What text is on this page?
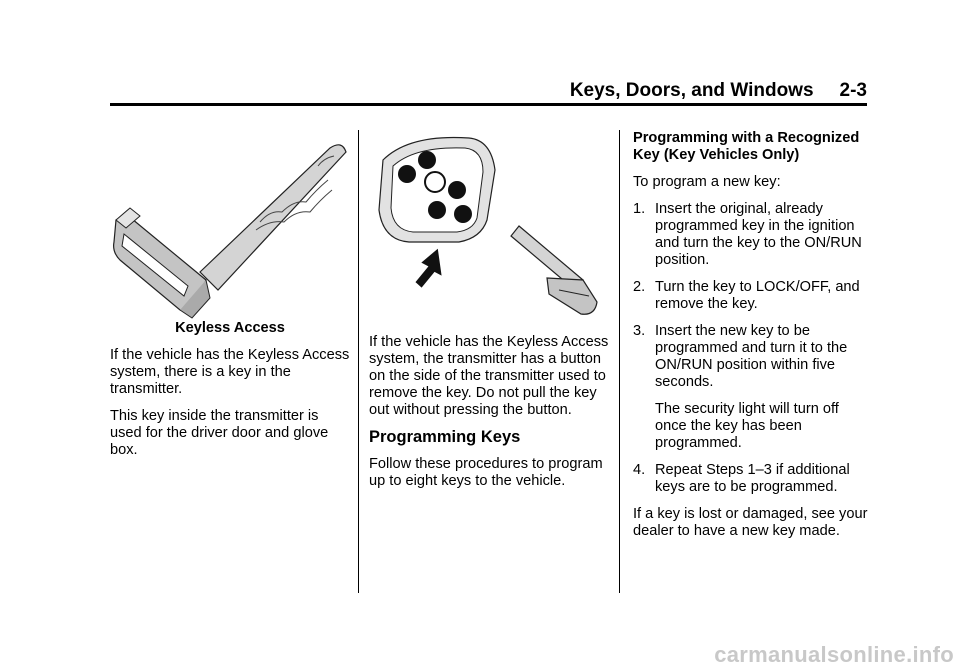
Keys, Doors, and Windows 2-3

Keyless Access

If the vehicle has the Keyless Access system, there is a key in the transmitter.

This key inside the transmitter is used for the driver door and glove box.

If the vehicle has the Keyless Access system, the transmitter has a button on the side of the transmitter used to remove the key. Do not pull the key out without pressing the button.

Programming Keys

Follow these procedures to program up to eight keys to the vehicle.

Programming with a Recognized Key (Key Vehicles Only)

To program a new key:

1. Insert the original, already programmed key in the ignition and turn the key to the ON/RUN position.
2. Turn the key to LOCK/OFF, and remove the key.
3. Insert the new key to be programmed and turn it to the ON/RUN position within five seconds.
The security light will turn off once the key has been programmed.
4. Repeat Steps 1–3 if additional keys are to be programmed.

If a key is lost or damaged, see your dealer to have a new key made.

carmanualsonline.info
